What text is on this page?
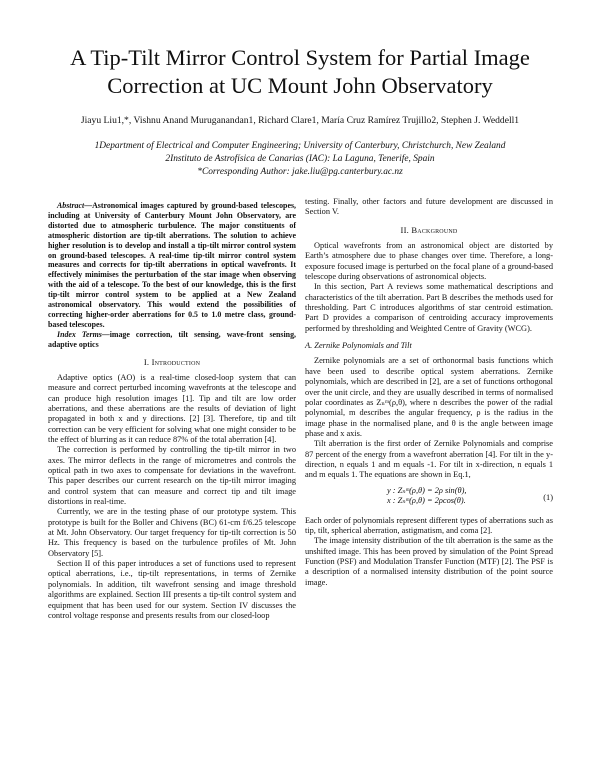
A Tip-Tilt Mirror Control System for Partial Image
Correction at UC Mount John Observatory

Jiayu Liu1,*, Vishnu Anand Muruganandan1, Richard Clare1, María Cruz Ramírez Trujillo2, Stephen J. Weddell1

1Department of Electrical and Computer Engineering; University of Canterbury, Christchurch, New Zealand

2Instituto de Astrofísica de Canarias (IAC): La Laguna, Tenerife, Spain

*Corresponding Author: jake.liu@pg.canterbury.ac.nz

Abstract—Astronomical images captured by ground-based telescopes, including at University of Canterbury Mount John Observatory, are distorted due to atmospheric turbulence. The major constituents of atmospheric distortion are tip-tilt aberrations. The solution to achieve higher resolution is to develop and install a tip-tilt mirror control system on ground-based telescopes. A real-time tip-tilt mirror control system measures and corrects for tip-tilt aberrations in optical wavefronts. It effectively minimises the perturbation of the star image when observing with the aid of a telescope. To the best of our knowledge, this is the first tip-tilt mirror control system to be applied at a New Zealand astronomical observatory. This would extend the possibilities of correcting higher-order aberrations for 0.5 to 1.0 metre class, ground-based telescopes.

Index Terms—image correction, tilt sensing, wave-front sensing, adaptive optics

I. Introduction

Adaptive optics (AO) is a real-time closed-loop system that can measure and correct perturbed incoming wavefronts at the telescope and can produce high resolution images [1]. Tip and tilt are low order aberrations, and these aberrations are the results of deviation of light propagated in both x and y directions. [2] [3]. Therefore, tip and tilt correction can be very efficient for solving what one might consider to be the effect of blurring as it can reduce 87% of the total aberration [4].

The correction is performed by controlling the tip-tilt mirror in two axes. The mirror deflects in the range of micrometres and controls the optical path in two axes to compensate for deviations in the wavefront. This paper describes our current research on the tip-tilt mirror imaging and control system that can measure and correct tip and tilt image distortions in real-time.

Currently, we are in the testing phase of our prototype system. This prototype is built for the Boller and Chivens (BC) 61-cm f/6.25 telescope at Mt. John Observatory. Our target frequency for tip-tilt correction is 50 Hz. This frequency is based on the turbulence profiles of Mt. John Observatory [5].

Section II of this paper introduces a set of functions used to represent optical aberrations, i.e., tip-tilt representations, in terms of Zernike polynomials. In addition, tilt wavefront sensing and image threshold algorithms are explained. Section III presents a tip-tilt control system and equipment that has been used for our system. Section IV discusses the control voltage response and presents results from our closed-loop

testing. Finally, other factors and future development are discussed in Section V.

II. Background

Optical wavefronts from an astronomical object are distorted by Earth’s atmosphere due to phase changes over time. Therefore, a long-exposure focused image is perturbed on the focal plane of a ground-based telescope during observations of astronomical objects.

In this section, Part A reviews some mathematical descriptions and characteristics of the tilt aberration. Part B describes the methods used for thresholding. Part C introduces algorithms of star centroid estimation. Part D provides a comparison of centroiding accuracy improvements performed by thresholding and Weighted Centre of Gravity (WCG).

A. Zernike Polynomials and Tilt

Zernike polynomials are a set of orthonormal basis functions which have been used to describe optical system aberrations. Zernike polynomials, which are described in [2], are a set of functions orthogonal over the unit circle, and they are usually described in terms of normalised polar coordinates as Zₙᵐ(ρ,θ), where n describes the power of the radial polynomial, m describes the angular frequency, ρ is the radius in the image phase in the normalised plane, and θ is the angle between image phase and x axis.

Tilt aberration is the first order of Zernike Polynomials and comprise 87 percent of the energy from a wavefront aberration [4]. For tilt in the y-direction, n equals 1 and m equals -1. For tilt in x-direction, n equals 1 and m equals 1. The equations are shown in Eq.1,

y : Zₙᵐ(ρ,θ) = 2ρ sin(θ),
x : Zₙᵐ(ρ,θ) = 2ρcos(θ).	(1)

Each order of polynomials represent different types of aberrations such as tip, tilt, spherical aberration, astigmatism, and coma [2].

The image intensity distribution of the tilt aberration is the same as the unshifted image. This has been proved by simulation of the Point Spread Function (PSF) and Modulation Transfer Function (MTF) [2]. The PSF is a description of a normalised intensity distribution of the point source image.
